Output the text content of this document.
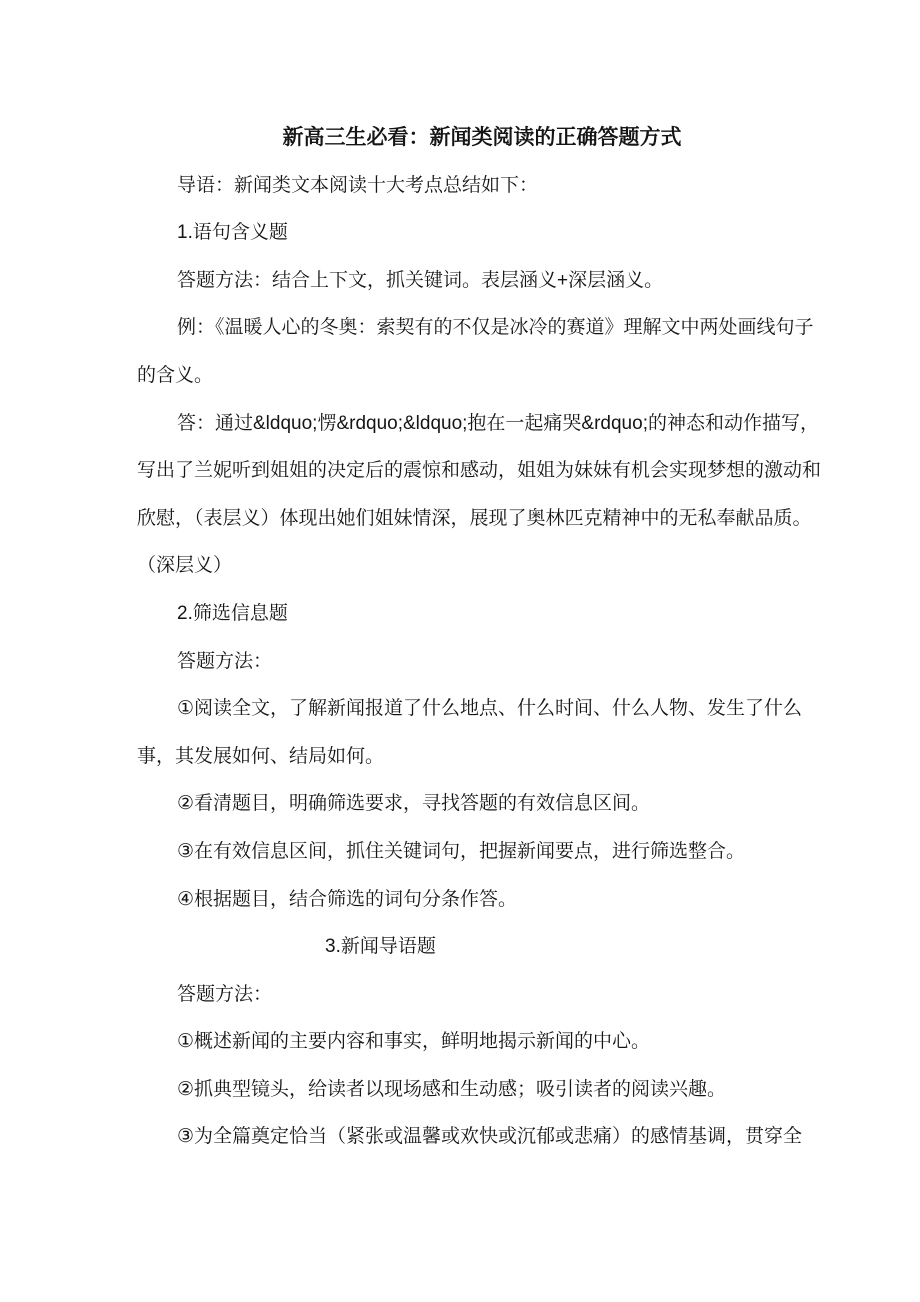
新高三生必看：新闻类阅读的正确答题方式

导语：新闻类文本阅读十大考点总结如下：

1.语句含义题

答题方法：结合上下文，抓关键词。表层涵义+深层涵义。

例：《温暖人心的冬奥：索契有的不仅是冰冷的赛道》理解文中两处画线句子的含义。

答：通过&ldquo;愣&rdquo;&ldquo;抱在一起痛哭&rdquo;的神态和动作描写，写出了兰妮听到姐姐的决定后的震惊和感动，姐姐为妹妹有机会实现梦想的激动和欣慰，（表层义）体现出她们姐妹情深，展现了奥林匹克精神中的无私奉献品质。（深层义）

2.筛选信息题

答题方法：

①阅读全文，了解新闻报道了什么地点、什么时间、什么人物、发生了什么事，其发展如何、结局如何。

②看清题目，明确筛选要求，寻找答题的有效信息区间。

③在有效信息区间，抓住关键词句，把握新闻要点，进行筛选整合。

④根据题目，结合筛选的词句分条作答。

3.新闻导语题

答题方法：

①概述新闻的主要内容和事实，鲜明地揭示新闻的中心。

②抓典型镜头，给读者以现场感和生动感；吸引读者的阅读兴趣。

③为全篇奠定恰当（紧张或温馨或欢快或沉郁或悲痛）的感情基调，贯穿全
